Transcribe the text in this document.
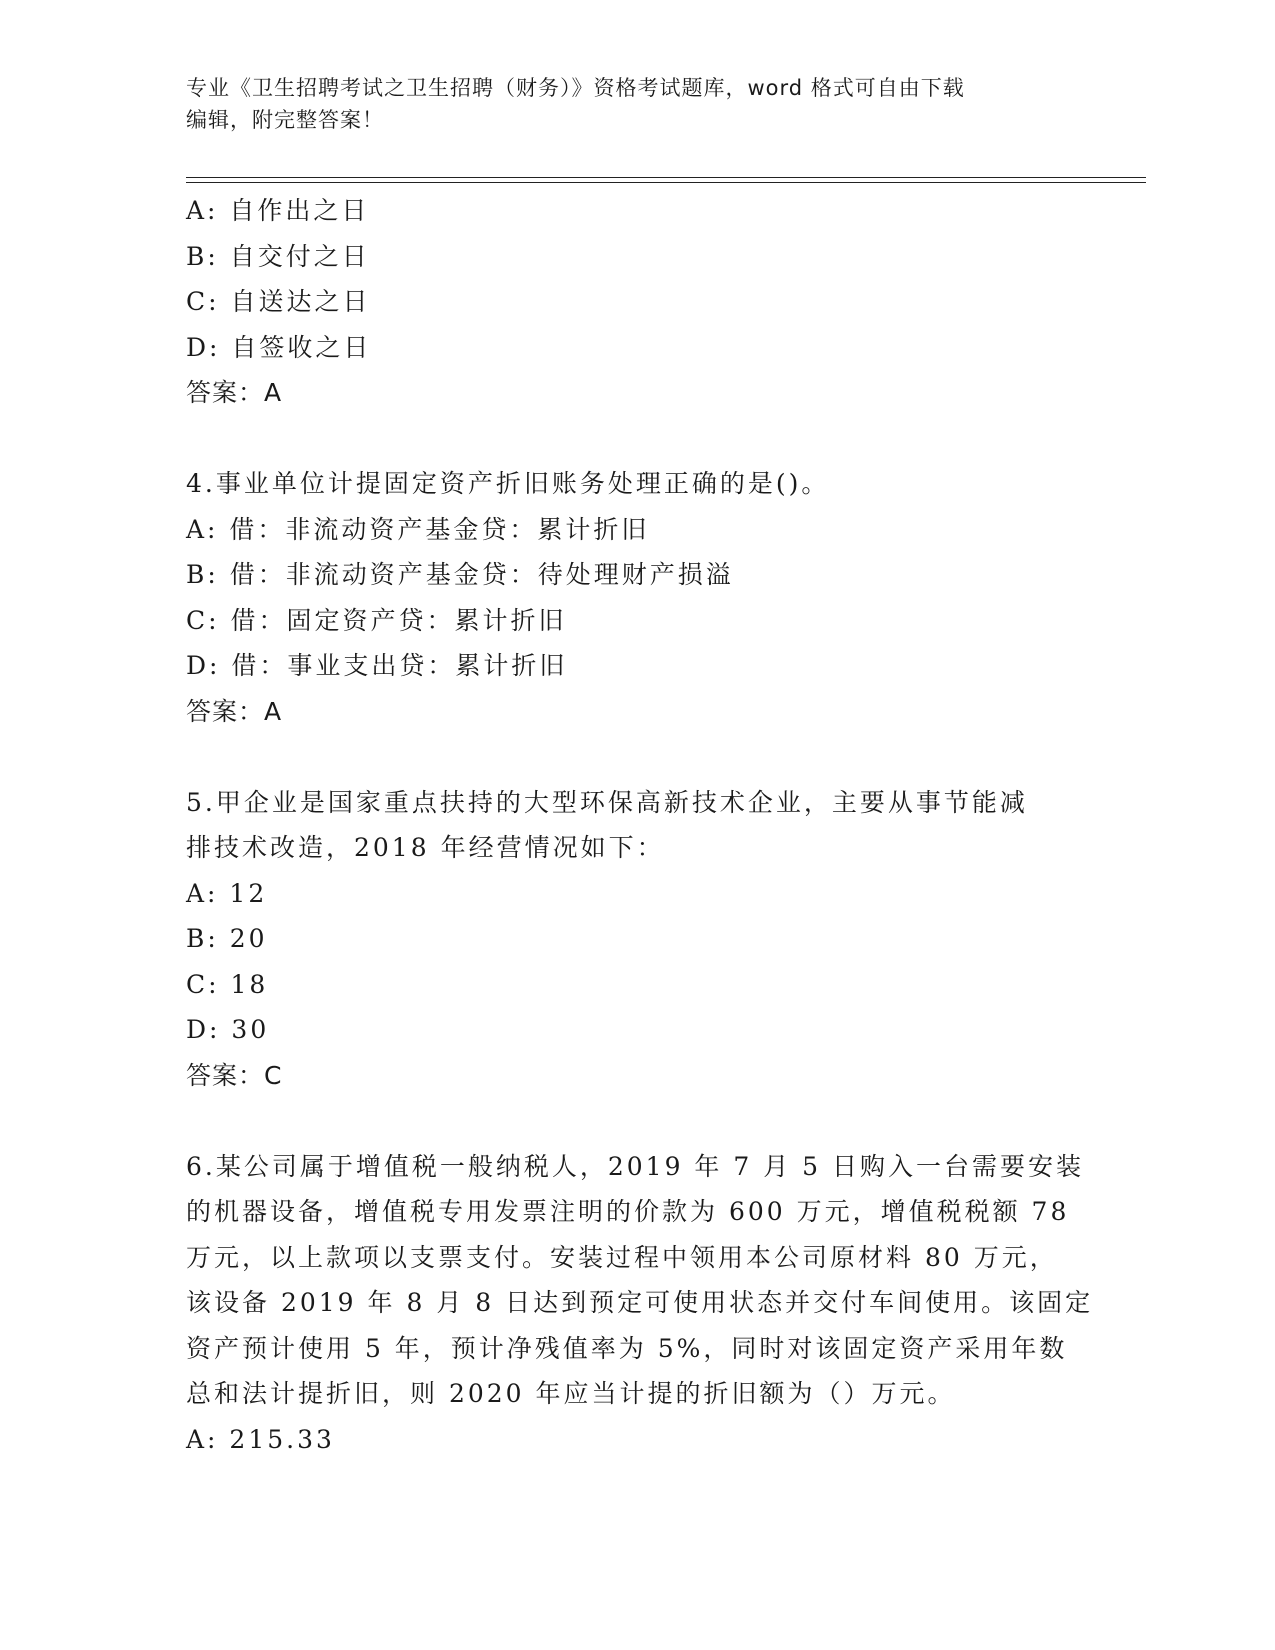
专业《卫生招聘考试之卫生招聘（财务）》资格考试题库，word 格式可自由下载
编辑，附完整答案！
A: 自作出之日
B: 自交付之日
C: 自送达之日
D: 自签收之日
答案：A
4.事业单位计提固定资产折旧账务处理正确的是()。
A: 借：非流动资产基金贷：累计折旧
B: 借：非流动资产基金贷：待处理财产损溢
C: 借：固定资产贷：累计折旧
D: 借：事业支出贷：累计折旧
答案：A
5.甲企业是国家重点扶持的大型环保高新技术企业，主要从事节能减
排技术改造，2018 年经营情况如下：
A: 12
B: 20
C: 18
D: 30
答案：C
6.某公司属于增值税一般纳税人，2019 年 7 月 5 日购入一台需要安装
的机器设备，增值税专用发票注明的价款为 600 万元，增值税税额 78
万元，以上款项以支票支付。安装过程中领用本公司原材料 80 万元，
该设备 2019 年 8 月 8 日达到预定可使用状态并交付车间使用。该固定
资产预计使用 5 年，预计净残值率为 5%，同时对该固定资产采用年数
总和法计提折旧，则 2020 年应当计提的折旧额为（）万元。
A: 215.33
